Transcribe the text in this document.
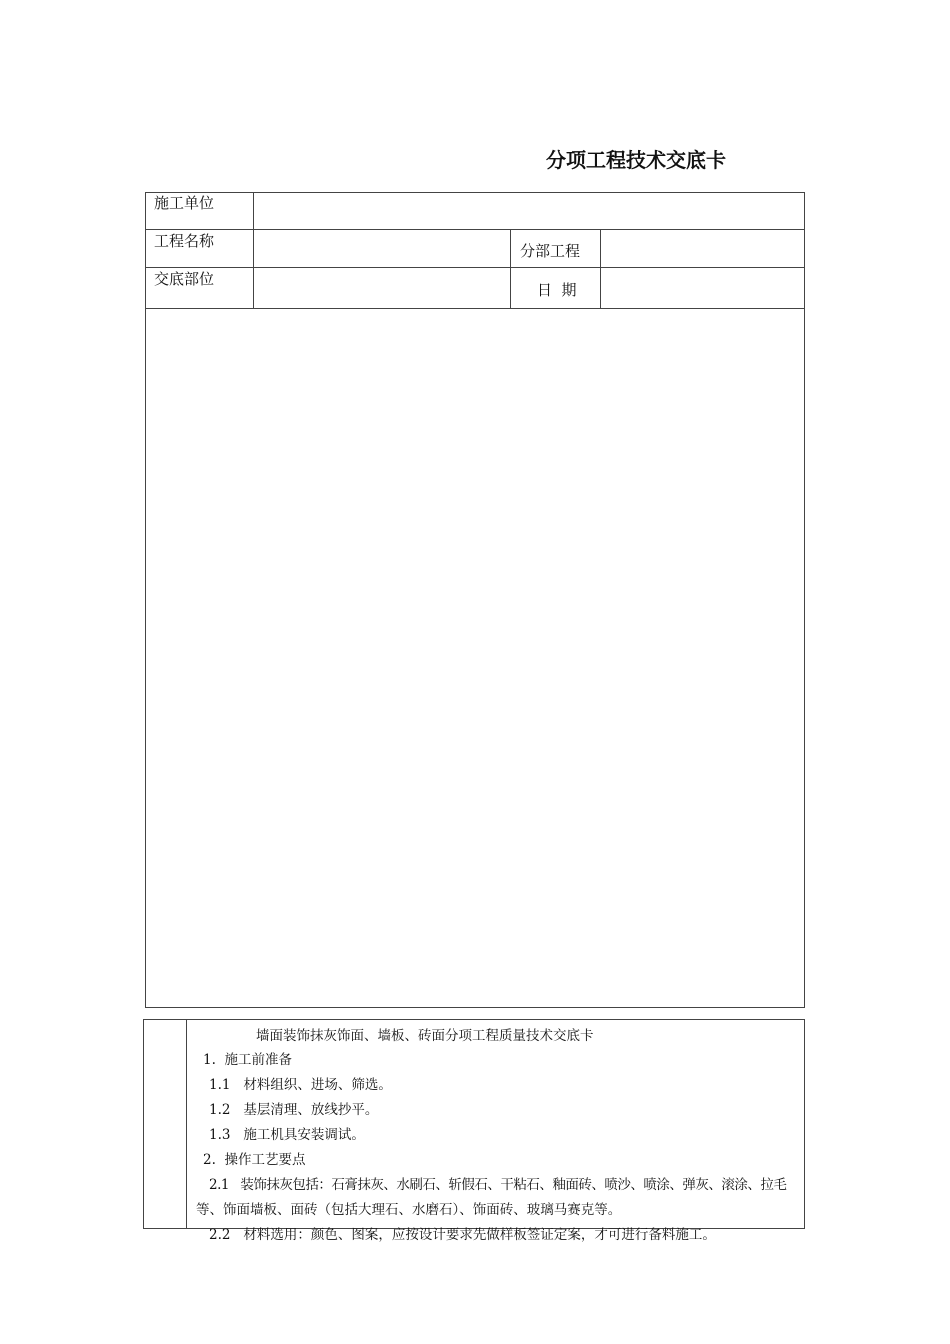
分项工程技术交底卡
施工单位
工程名称
分部工程
交底部位
日  期
墙面装饰抹灰饰面、墙板、砖面分项工程质量技术交底卡
1.  施工前准备
1.1   材料组织、进场、筛选。
1.2   基层清理、放线抄平。
1.3   施工机具安装调试。
2.  操作工艺要点
2.1   装饰抹灰包括：石膏抹灰、水刷石、斩假石、干粘石、釉面砖、喷沙、喷涂、弹灰、滚涂、拉毛
等、饰面墙板、面砖（包括大理石、水磨石）、饰面砖、玻璃马赛克等。
2.2   材料选用：颜色、图案，应按设计要求先做样板签证定案，才可进行备料施工。
